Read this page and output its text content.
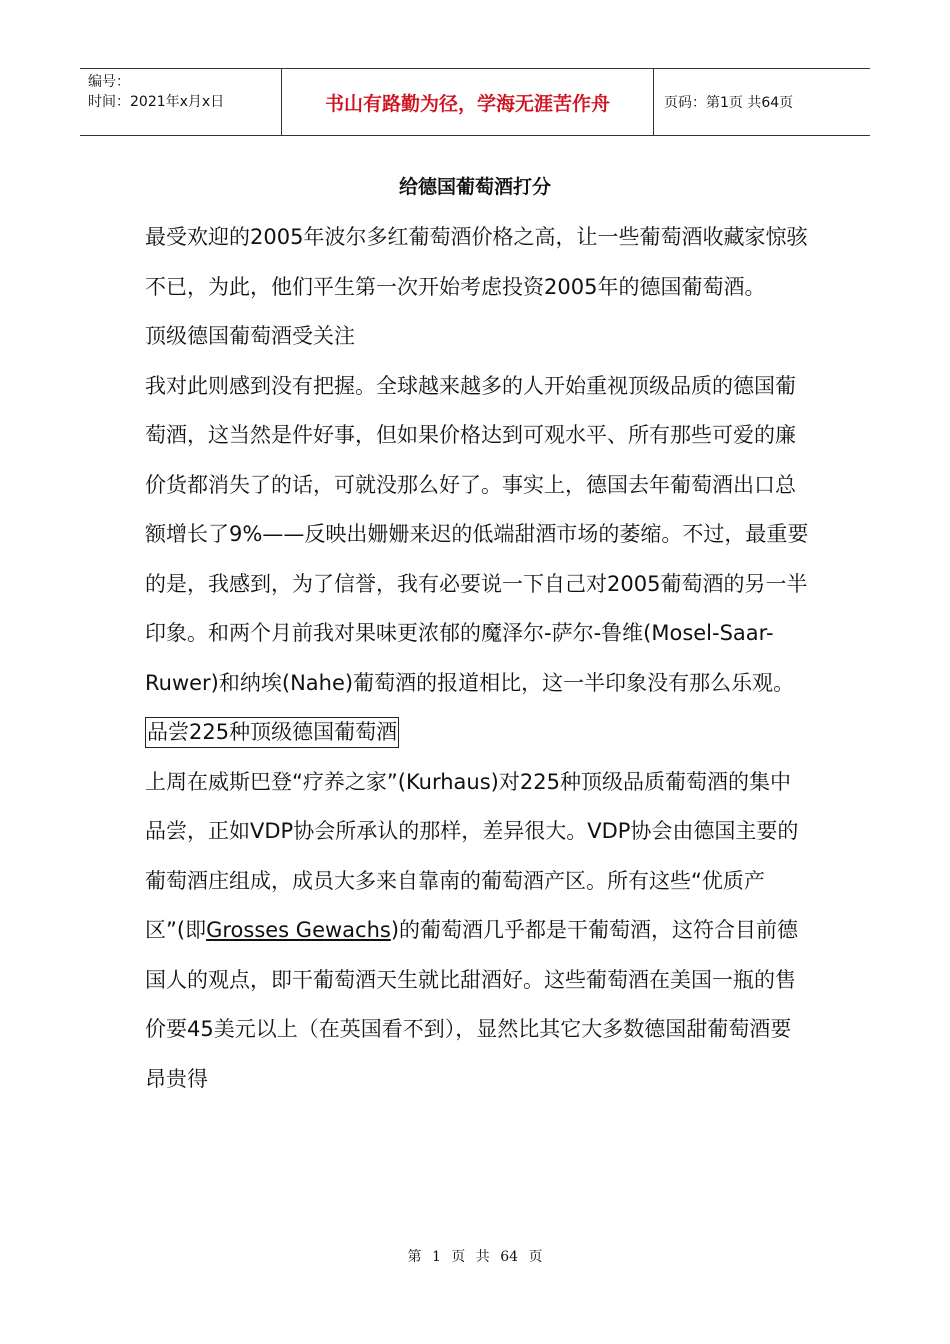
编号：
时间：2021年x月x日	书山有路勤为径，学海无涯苦作舟	页码：第1页 共64页
给德国葡萄酒打分

最受欢迎的2005年波尔多红葡萄酒价格之高，让一些葡萄酒收藏家惊骇不已，为此，他们平生第一次开始考虑投资2005年的德国葡萄酒。

顶级德国葡萄酒受关注

我对此则感到没有把握。全球越来越多的人开始重视顶级品质的德国葡萄酒，这当然是件好事，但如果价格达到可观水平、所有那些可爱的廉价货都消失了的话，可就没那么好了。事实上，德国去年葡萄酒出口总额增长了9%——反映出姗姗来迟的低端甜酒市场的萎缩。不过，最重要的是，我感到，为了信誉，我有必要说一下自己对2005葡萄酒的另一半印象。和两个月前我对果味更浓郁的魔泽尔-萨尔-鲁维(Mosel-Saar-Ruwer)和纳埃(Nahe)葡萄酒的报道相比，这一半印象没有那么乐观。

品尝225种顶级德国葡萄酒

上周在威斯巴登“疗养之家”(Kurhaus)对225种顶级品质葡萄酒的集中品尝，正如VDP协会所承认的那样，差异很大。VDP协会由德国主要的葡萄酒庄组成，成员大多来自靠南的葡萄酒产区。所有这些“优质产区”(即Grosses Gewachs)的葡萄酒几乎都是干葡萄酒，这符合目前德国人的观点，即干葡萄酒天生就比甜酒好。这些葡萄酒在美国一瓶的售价要45美元以上（在英国看不到），显然比其它大多数德国甜葡萄酒要昂贵得

第 1 页 共 64 页
